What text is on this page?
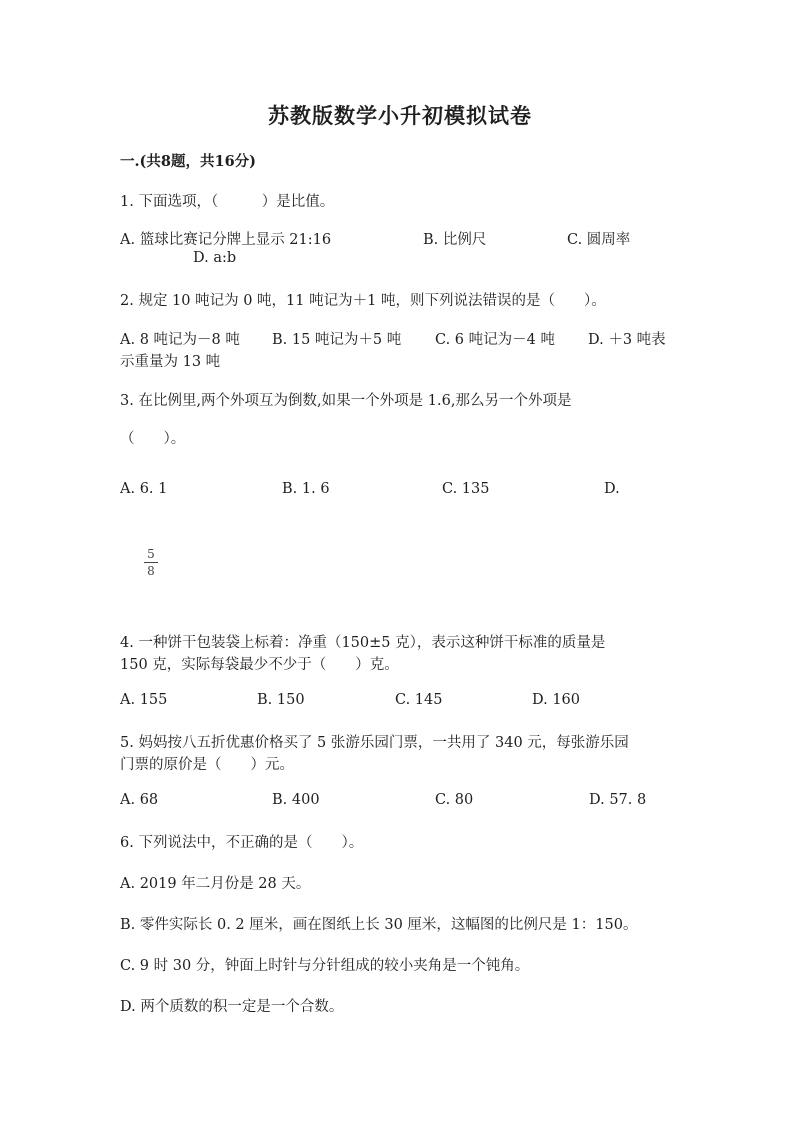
苏教版数学小升初模拟试卷
一.(共8题，共16分)
1. 下面选项，（　　　）是比值。
A. 篮球比赛记分牌上显示 21:16	B. 比例尺	C. 圆周率
D. a:b
2. 规定 10 吨记为 0 吨，11 吨记为＋1 吨，则下列说法错误的是（　　）。
A. 8 吨记为－8 吨 B. 15 吨记为＋5 吨 C. 6 吨记为－4 吨 D. ＋3 吨表
示重量为 13 吨
3. 在比例里,两个外项互为倒数,如果一个外项是 1.6,那么另一个外项是
（　　）。
A. 6. 1	B. 1. 6	C. 135	D.
5
8
4. 一种饼干包装袋上标着：净重（150±5 克），表示这种饼干标准的质量是
150 克，实际每袋最少不少于（　　）克。
A. 155	B. 150	C. 145	D. 160
5. 妈妈按八五折优惠价格买了 5 张游乐园门票，一共用了 340 元，每张游乐园
门票的原价是（　　）元。
A. 68	B. 400	C. 80	D. 57. 8
6. 下列说法中，不正确的是（　　）。
A. 2019 年二月份是 28 天。
B. 零件实际长 0. 2 厘米，画在图纸上长 30 厘米，这幅图的比例尺是 1：150。
C. 9 时 30 分，钟面上时针与分针组成的较小夹角是一个钝角。
D. 两个质数的积一定是一个合数。
